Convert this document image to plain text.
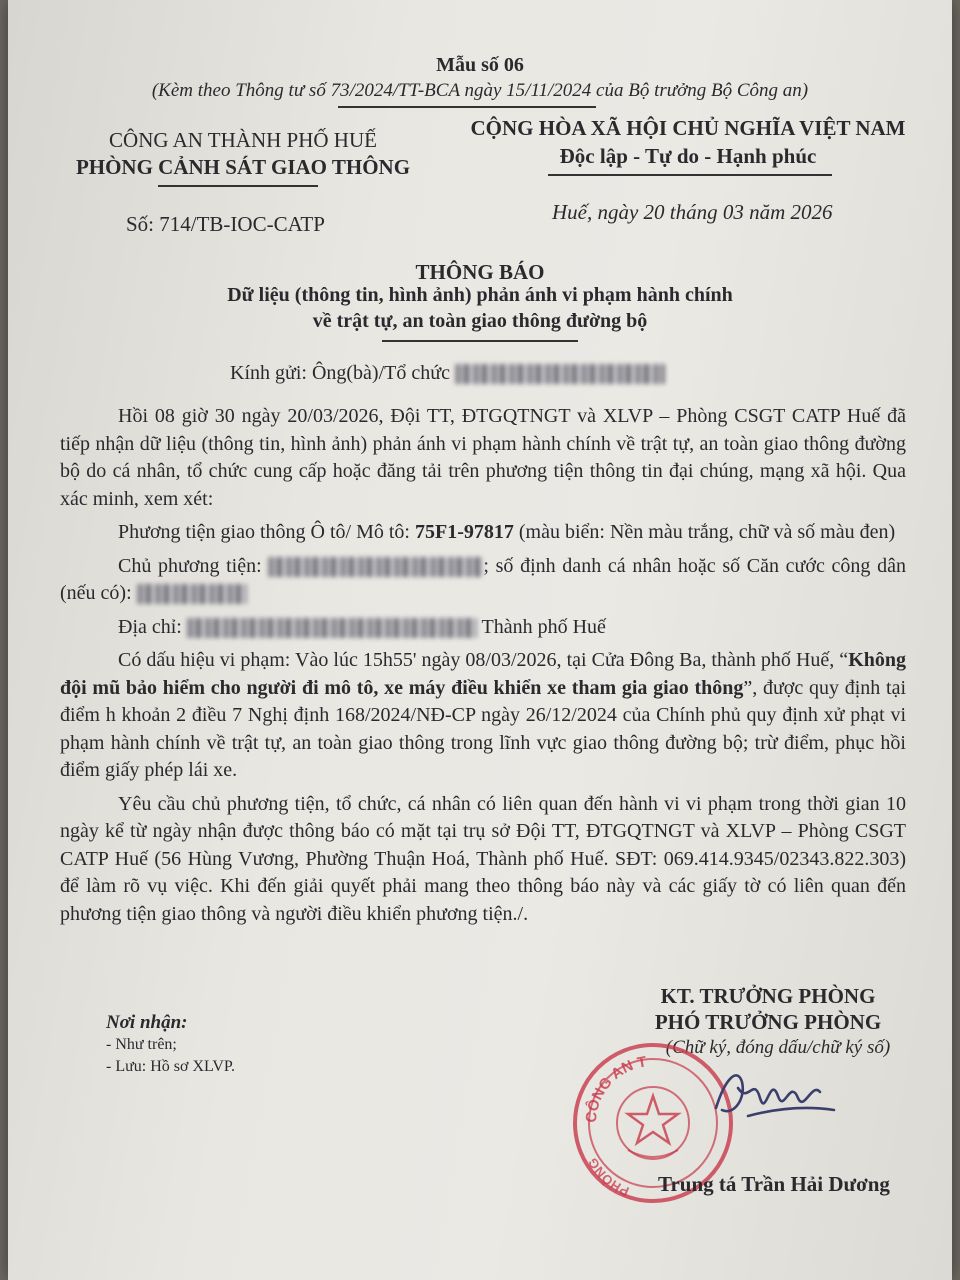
Mẫu số 06
(Kèm theo Thông tư số 73/2024/TT-BCA ngày 15/11/2024 của Bộ trưởng Bộ Công an)
CÔNG AN THÀNH PHỐ HUẾ
PHÒNG CẢNH SÁT GIAO THÔNG
Số: 714/TB-IOC-CATP
CỘNG HÒA XÃ HỘI CHỦ NGHĨA VIỆT NAM
Độc lập - Tự do - Hạnh phúc
Huế, ngày 20 tháng 03 năm 2026
THÔNG BÁO
Dữ liệu (thông tin, hình ảnh) phản ánh vi phạm hành chính
về trật tự, an toàn giao thông đường bộ
Kính gửi: Ông(bà)/Tổ chức

Hồi 08 giờ 30 ngày 20/03/2026, Đội TT, ĐTGQTNGT và XLVP – Phòng CSGT CATP Huế đã tiếp nhận dữ liệu (thông tin, hình ảnh) phản ánh vi phạm hành chính về trật tự, an toàn giao thông đường bộ do cá nhân, tổ chức cung cấp hoặc đăng tải trên phương tiện thông tin đại chúng, mạng xã hội. Qua xác minh, xem xét:

Phương tiện giao thông Ô tô/ Mô tô: 75F1-97817 (màu biển: Nền màu trắng, chữ và số màu đen)

Chủ phương tiện:	; số định danh cá nhân hoặc số Căn cước công dân (nếu có):

Địa chỉ:	Thành phố Huế

Có dấu hiệu vi phạm: Vào lúc 15h55' ngày 08/03/2026, tại Cửa Đông Ba, thành phố Huế, “Không đội mũ bảo hiểm cho người đi mô tô, xe máy điều khiển xe tham gia giao thông”, được quy định tại điểm h khoản 2 điều 7 Nghị định 168/2024/NĐ-CP ngày 26/12/2024 của Chính phủ quy định xử phạt vi phạm hành chính về trật tự, an toàn giao thông trong lĩnh vực giao thông đường bộ; trừ điểm, phục hồi điểm giấy phép lái xe.

Yêu cầu chủ phương tiện, tổ chức, cá nhân có liên quan đến hành vi vi phạm trong thời gian 10 ngày kể từ ngày nhận được thông báo có mặt tại trụ sở Đội TT, ĐTGQTNGT và XLVP – Phòng CSGT CATP Huế (56 Hùng Vương, Phường Thuận Hoá, Thành phố Huế. SĐT: 069.414.9345/02343.822.303) để làm rõ vụ việc. Khi đến giải quyết phải mang theo thông báo này và các giấy tờ có liên quan đến phương tiện giao thông và người điều khiển phương tiện./.

Nơi nhận:
- Như trên;
- Lưu: Hồ sơ XLVP.
KT. TRƯỞNG PHÒNG
PHÓ TRƯỞNG PHÒNG
(Chữ ký, đóng dấu/chữ ký số)
CÔNG AN T
PHÒNG
Trung tá Trần Hải Dương
